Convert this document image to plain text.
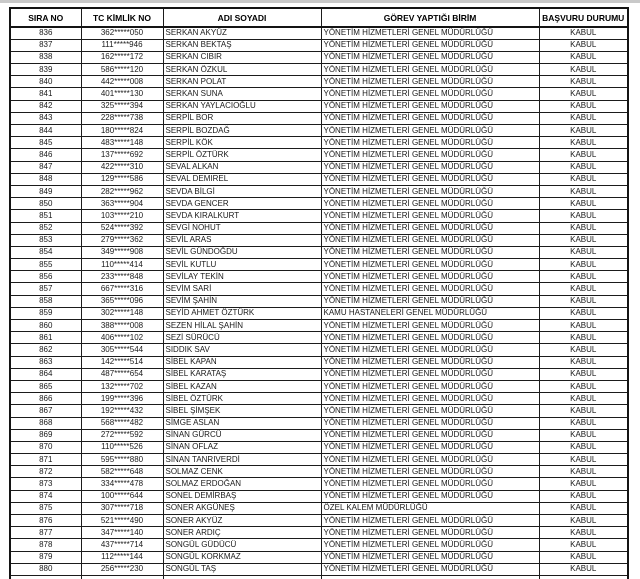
SIRA NO	TC KİMLİK NO	ADI SOYADI	GÖREV YAPTIĞI BİRİM	BAŞVURU DURUMU
836	362*****050	SERKAN AKYÜZ	YÖNETİM HİZMETLERİ GENEL MÜDÜRLÜĞÜ	KABUL
837	111*****946	SERKAN BEKTAŞ	YÖNETİM HİZMETLERİ GENEL MÜDÜRLÜĞÜ	KABUL
838	162*****172	SERKAN CIBIR	YÖNETİM HİZMETLERİ GENEL MÜDÜRLÜĞÜ	KABUL
839	586*****120	SERKAN ÖZKUL	YÖNETİM HİZMETLERİ GENEL MÜDÜRLÜĞÜ	KABUL
840	442*****008	SERKAN POLAT	YÖNETİM HİZMETLERİ GENEL MÜDÜRLÜĞÜ	KABUL
841	401*****130	SERKAN SUNA	YÖNETİM HİZMETLERİ GENEL MÜDÜRLÜĞÜ	KABUL
842	325*****394	SERKAN YAYLACIOĞLU	YÖNETİM HİZMETLERİ GENEL MÜDÜRLÜĞÜ	KABUL
843	228*****738	SERPİL BOR	YÖNETİM HİZMETLERİ GENEL MÜDÜRLÜĞÜ	KABUL
844	180*****824	SERPİL BOZDAĞ	YÖNETİM HİZMETLERİ GENEL MÜDÜRLÜĞÜ	KABUL
845	483*****148	SERPİL KÖK	YÖNETİM HİZMETLERİ GENEL MÜDÜRLÜĞÜ	KABUL
846	137*****692	SERPİL ÖZTÜRK	YÖNETİM HİZMETLERİ GENEL MÜDÜRLÜĞÜ	KABUL
847	422*****310	SEVAL ALKAN	YÖNETİM HİZMETLERİ GENEL MÜDÜRLÜĞÜ	KABUL
848	129*****586	SEVAL DEMIREL	YÖNETİM HİZMETLERİ GENEL MÜDÜRLÜĞÜ	KABUL
849	282*****962	SEVDA BİLGİ	YÖNETİM HİZMETLERİ GENEL MÜDÜRLÜĞÜ	KABUL
850	363*****904	SEVDA GENCER	YÖNETİM HİZMETLERİ GENEL MÜDÜRLÜĞÜ	KABUL
851	103*****210	SEVDA KIRALKURT	YÖNETİM HİZMETLERİ GENEL MÜDÜRLÜĞÜ	KABUL
852	524*****392	SEVGİ NOHUT	YÖNETİM HİZMETLERİ GENEL MÜDÜRLÜĞÜ	KABUL
853	279*****362	SEVİL ARAS	YÖNETİM HİZMETLERİ GENEL MÜDÜRLÜĞÜ	KABUL
854	349*****908	SEVİL GÜNDOĞDU	YÖNETİM HİZMETLERİ GENEL MÜDÜRLÜĞÜ	KABUL
855	110*****414	SEVİL KUTLU	YÖNETİM HİZMETLERİ GENEL MÜDÜRLÜĞÜ	KABUL
856	233*****848	SEVİLAY TEKİN	YÖNETİM HİZMETLERİ GENEL MÜDÜRLÜĞÜ	KABUL
857	667*****316	SEVİM SARİ	YÖNETİM HİZMETLERİ GENEL MÜDÜRLÜĞÜ	KABUL
858	365*****096	SEVİM ŞAHİN	YÖNETİM HİZMETLERİ GENEL MÜDÜRLÜĞÜ	KABUL
859	302*****148	SEYİD AHMET ÖZTÜRK	KAMU HASTANELERİ GENEL MÜDÜRLÜĞÜ	KABUL
860	388*****008	SEZEN HİLAL ŞAHİN	YÖNETİM HİZMETLERİ GENEL MÜDÜRLÜĞÜ	KABUL
861	406*****102	SEZİ SÜRÜCÜ	YÖNETİM HİZMETLERİ GENEL MÜDÜRLÜĞÜ	KABUL
862	305*****544	SIDDIK SAV	YÖNETİM HİZMETLERİ GENEL MÜDÜRLÜĞÜ	KABUL
863	142*****514	SİBEL KAPAN	YÖNETİM HİZMETLERİ GENEL MÜDÜRLÜĞÜ	KABUL
864	487*****654	SİBEL KARATAŞ	YÖNETİM HİZMETLERİ GENEL MÜDÜRLÜĞÜ	KABUL
865	132*****702	SİBEL KAZAN	YÖNETİM HİZMETLERİ GENEL MÜDÜRLÜĞÜ	KABUL
866	199*****396	SİBEL ÖZTÜRK	YÖNETİM HİZMETLERİ GENEL MÜDÜRLÜĞÜ	KABUL
867	192*****432	SİBEL ŞİMŞEK	YÖNETİM HİZMETLERİ GENEL MÜDÜRLÜĞÜ	KABUL
868	568*****482	SİMGE ASLAN	YÖNETİM HİZMETLERİ GENEL MÜDÜRLÜĞÜ	KABUL
869	272*****592	SİNAN GÜRCÜ	YÖNETİM HİZMETLERİ GENEL MÜDÜRLÜĞÜ	KABUL
870	110*****526	SİNAN OFLAZ	YÖNETİM HİZMETLERİ GENEL MÜDÜRLÜĞÜ	KABUL
871	595*****880	SİNAN TANRIVERDİ	YÖNETİM HİZMETLERİ GENEL MÜDÜRLÜĞÜ	KABUL
872	582*****648	SOLMAZ CENK	YÖNETİM HİZMETLERİ GENEL MÜDÜRLÜĞÜ	KABUL
873	334*****478	SOLMAZ ERDOĞAN	YÖNETİM HİZMETLERİ GENEL MÜDÜRLÜĞÜ	KABUL
874	100*****644	SONEL DEMİRBAŞ	YÖNETİM HİZMETLERİ GENEL MÜDÜRLÜĞÜ	KABUL
875	307*****718	SONER AKGÜNEŞ	ÖZEL KALEM MÜDÜRLÜĞÜ	KABUL
876	521*****490	SONER AKYÜZ	YÖNETİM HİZMETLERİ GENEL MÜDÜRLÜĞÜ	KABUL
877	347*****140	SONER ARDIÇ	YÖNETİM HİZMETLERİ GENEL MÜDÜRLÜĞÜ	KABUL
878	437*****714	SONGÜL GÜDÜCÜ	YÖNETİM HİZMETLERİ GENEL MÜDÜRLÜĞÜ	KABUL
879	112*****144	SONGÜL KORKMAZ	YÖNETİM HİZMETLERİ GENEL MÜDÜRLÜĞÜ	KABUL
880	256*****230	SONGÜL TAŞ	YÖNETİM HİZMETLERİ GENEL MÜDÜRLÜĞÜ	KABUL
